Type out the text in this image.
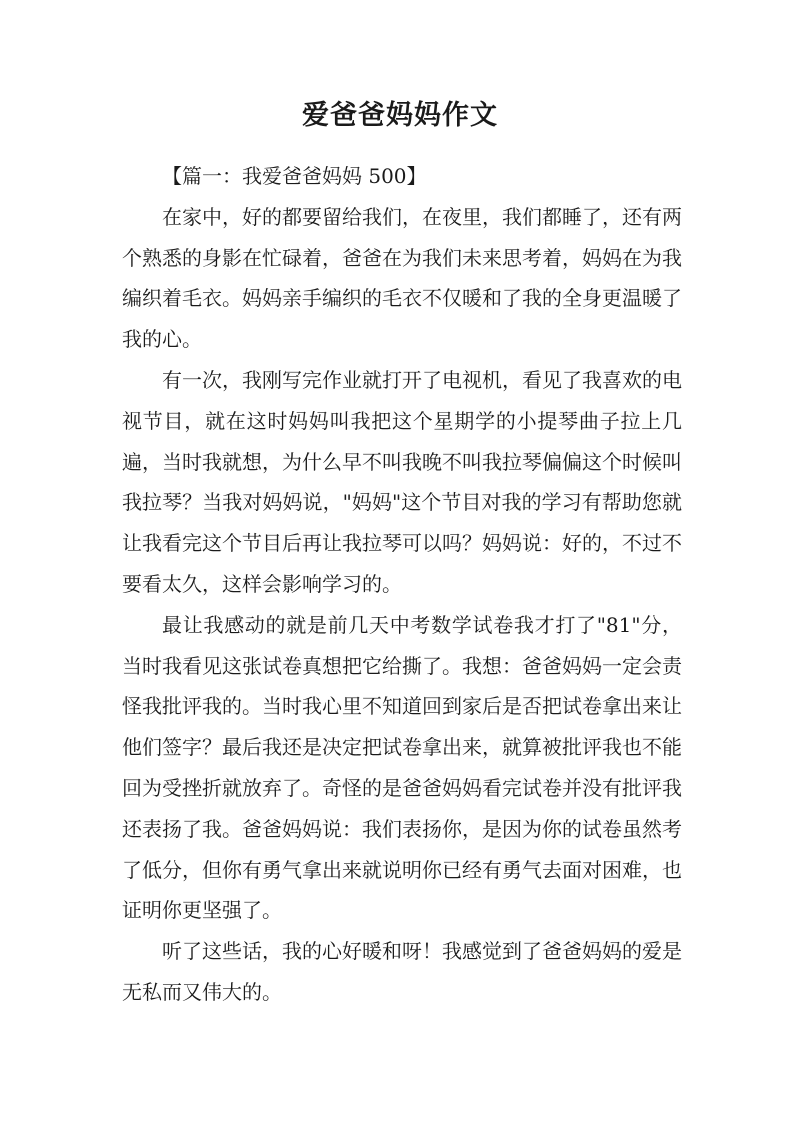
爱爸爸妈妈作文

【篇一：我爱爸爸妈妈 500】

在家中，好的都要留给我们，在夜里，我们都睡了，还有两个熟悉的身影在忙碌着，爸爸在为我们未来思考着，妈妈在为我编织着毛衣。妈妈亲手编织的毛衣不仅暖和了我的全身更温暖了我的心。

有一次，我刚写完作业就打开了电视机，看见了我喜欢的电视节目，就在这时妈妈叫我把这个星期学的小提琴曲子拉上几遍，当时我就想，为什么早不叫我晚不叫我拉琴偏偏这个时候叫我拉琴？当我对妈妈说，"妈妈"这个节目对我的学习有帮助您就让我看完这个节目后再让我拉琴可以吗？妈妈说：好的，不过不要看太久，这样会影响学习的。

最让我感动的就是前几天中考数学试卷我才打了"81"分，当时我看见这张试卷真想把它给撕了。我想：爸爸妈妈一定会责怪我批评我的。当时我心里不知道回到家后是否把试卷拿出来让他们签字？最后我还是决定把试卷拿出来，就算被批评我也不能回为受挫折就放弃了。奇怪的是爸爸妈妈看完试卷并没有批评我还表扬了我。爸爸妈妈说：我们表扬你，是因为你的试卷虽然考了低分，但你有勇气拿出来就说明你已经有勇气去面对困难，也证明你更坚强了。

听了这些话，我的心好暖和呀！我感觉到了爸爸妈妈的爱是无私而又伟大的。
